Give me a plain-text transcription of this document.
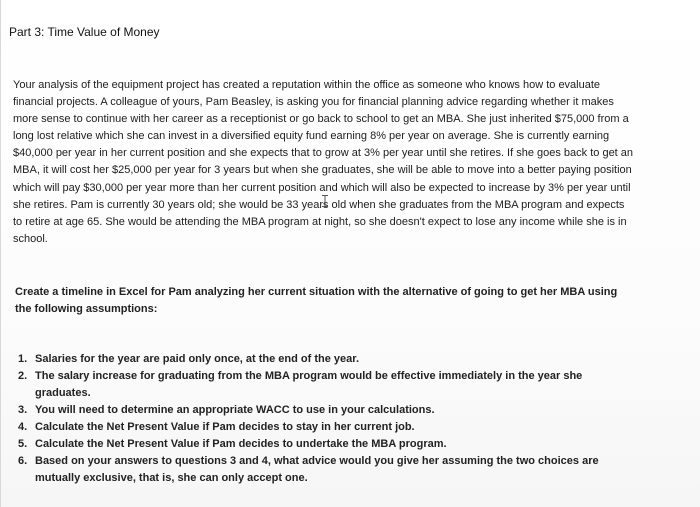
Part 3: Time Value of Money

Your analysis of the equipment project has created a reputation within the office as someone who knows how to evaluate financial projects. A colleague of yours, Pam Beasley, is asking you for financial planning advice regarding whether it makes more sense to continue with her career as a receptionist or go back to school to get an MBA. She just inherited $75,000 from a long lost relative which she can invest in a diversified equity fund earning 8% per year on average. She is currently earning $40,000 per year in her current position and she expects that to grow at 3% per year until she retires. If she goes back to get an MBA, it will cost her $25,000 per year for 3 years but when she graduates, she will be able to move into a better paying position which will pay $30,000 per year more than her current position and which will also be expected to increase by 3% per year until she retires. Pam is currently 30 years old; she would be 33 years old when she graduates from the MBA program and expects to retire at age 65. She would be attending the MBA program at night, so she doesn't expect to lose any income while she is in school.

Create a timeline in Excel for Pam analyzing her current situation with the alternative of going to get her MBA using the following assumptions:

1. Salaries for the year are paid only once, at the end of the year.
2. The salary increase for graduating from the MBA program would be effective immediately in the year she graduates.
3. You will need to determine an appropriate WACC to use in your calculations.
4. Calculate the Net Present Value if Pam decides to stay in her current job.
5. Calculate the Net Present Value if Pam decides to undertake the MBA program.
6. Based on your answers to questions 3 and 4, what advice would you give her assuming the two choices are mutually exclusive, that is, she can only accept one.
